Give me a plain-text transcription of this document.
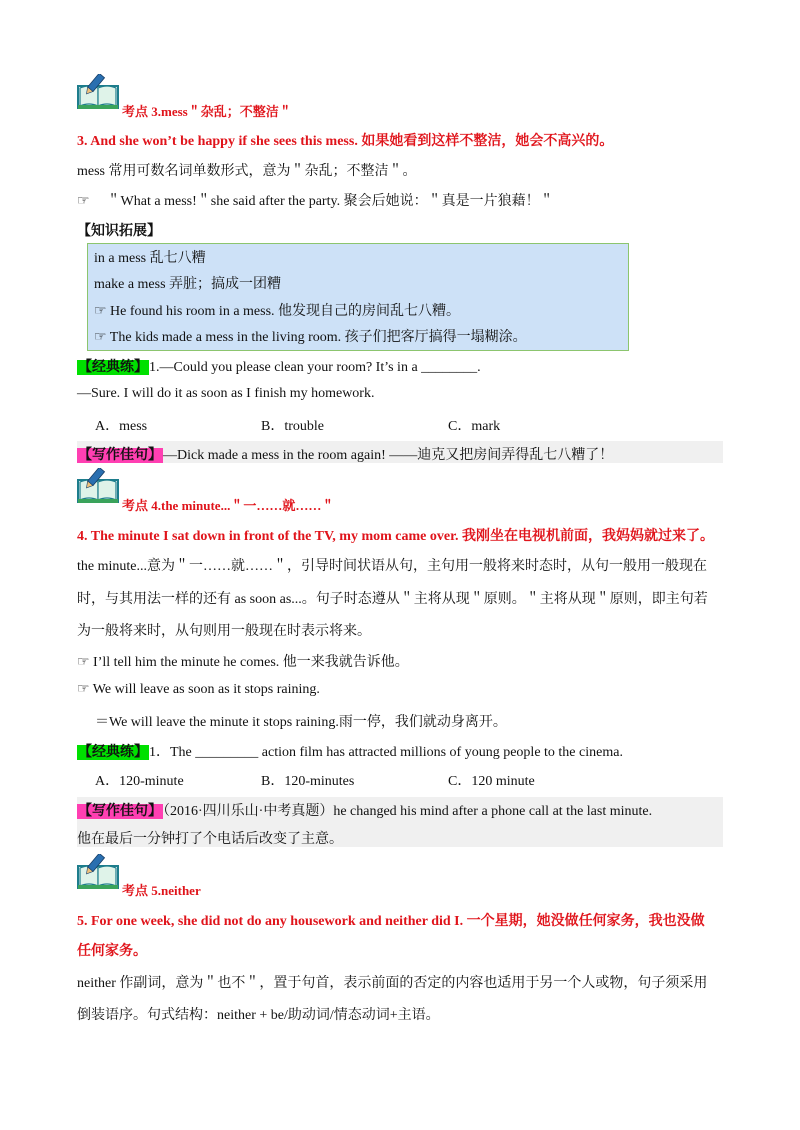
考点 3.mess＂杂乱；不整洁＂
3. And she won’t be happy if she sees this mess. 如果她看到这样不整洁，她会不高兴的。
mess 常用可数名词单数形式，意为＂杂乱；不整洁＂。
☞ ＂What a mess!＂she said after the party. 聚会后她说：＂真是一片狼藉！＂
【知识拓展】
in a mess 乱七八糟
make a mess 弄脏；搞成一团糟
☞ He found his room in a mess. 他发现自己的房间乱七八糟。
☞ The kids made a mess in the living room. 孩子们把客厅搞得一塌糊涂。
【经典练】1.—Could you please clean your room? It’s in a ________.
—Sure. I will do it as soon as I finish my homework.
A．mess	B．trouble	C．mark
【写作佳句】—Dick made a mess in the room again! ——迪克又把房间弄得乱七八糟了！
考点 4.the minute...＂一……就……＂
4. The minute I sat down in front of the TV, my mom came over. 我刚坐在电视机前面，我妈妈就过来了。
the minute...意为＂一……就……＂，引导时间状语从句，主句用一般将来时态时，从句一般用一般现在
时，与其用法一样的还有 as soon as...。句子时态遵从＂主将从现＂原则。＂主将从现＂原则，即主句若
为一般将来时，从句则用一般现在时表示将来。
☞ I’ll tell him the minute he comes. 他一来我就告诉他。
☞ We will leave as soon as it stops raining.
＝We will leave the minute it stops raining.雨一停，我们就动身离开。
【经典练】1．The _________ action film has attracted millions of young people to the cinema.
A．120-minute	B．120-minutes	C．120 minute
【写作佳句】（2016·四川乐山·中考真题）he changed his mind after a phone call at the last minute.
他在最后一分钟打了个电话后改变了主意。
考点 5.neither
5. For one week, she did not do any housework and neither did I. 一个星期，她没做任何家务，我也没做
任何家务。
neither 作副词，意为＂也不＂，置于句首，表示前面的否定的内容也适用于另一个人或物，句子须采用
倒装语序。句式结构：neither + be/助动词/情态动词+主语。
